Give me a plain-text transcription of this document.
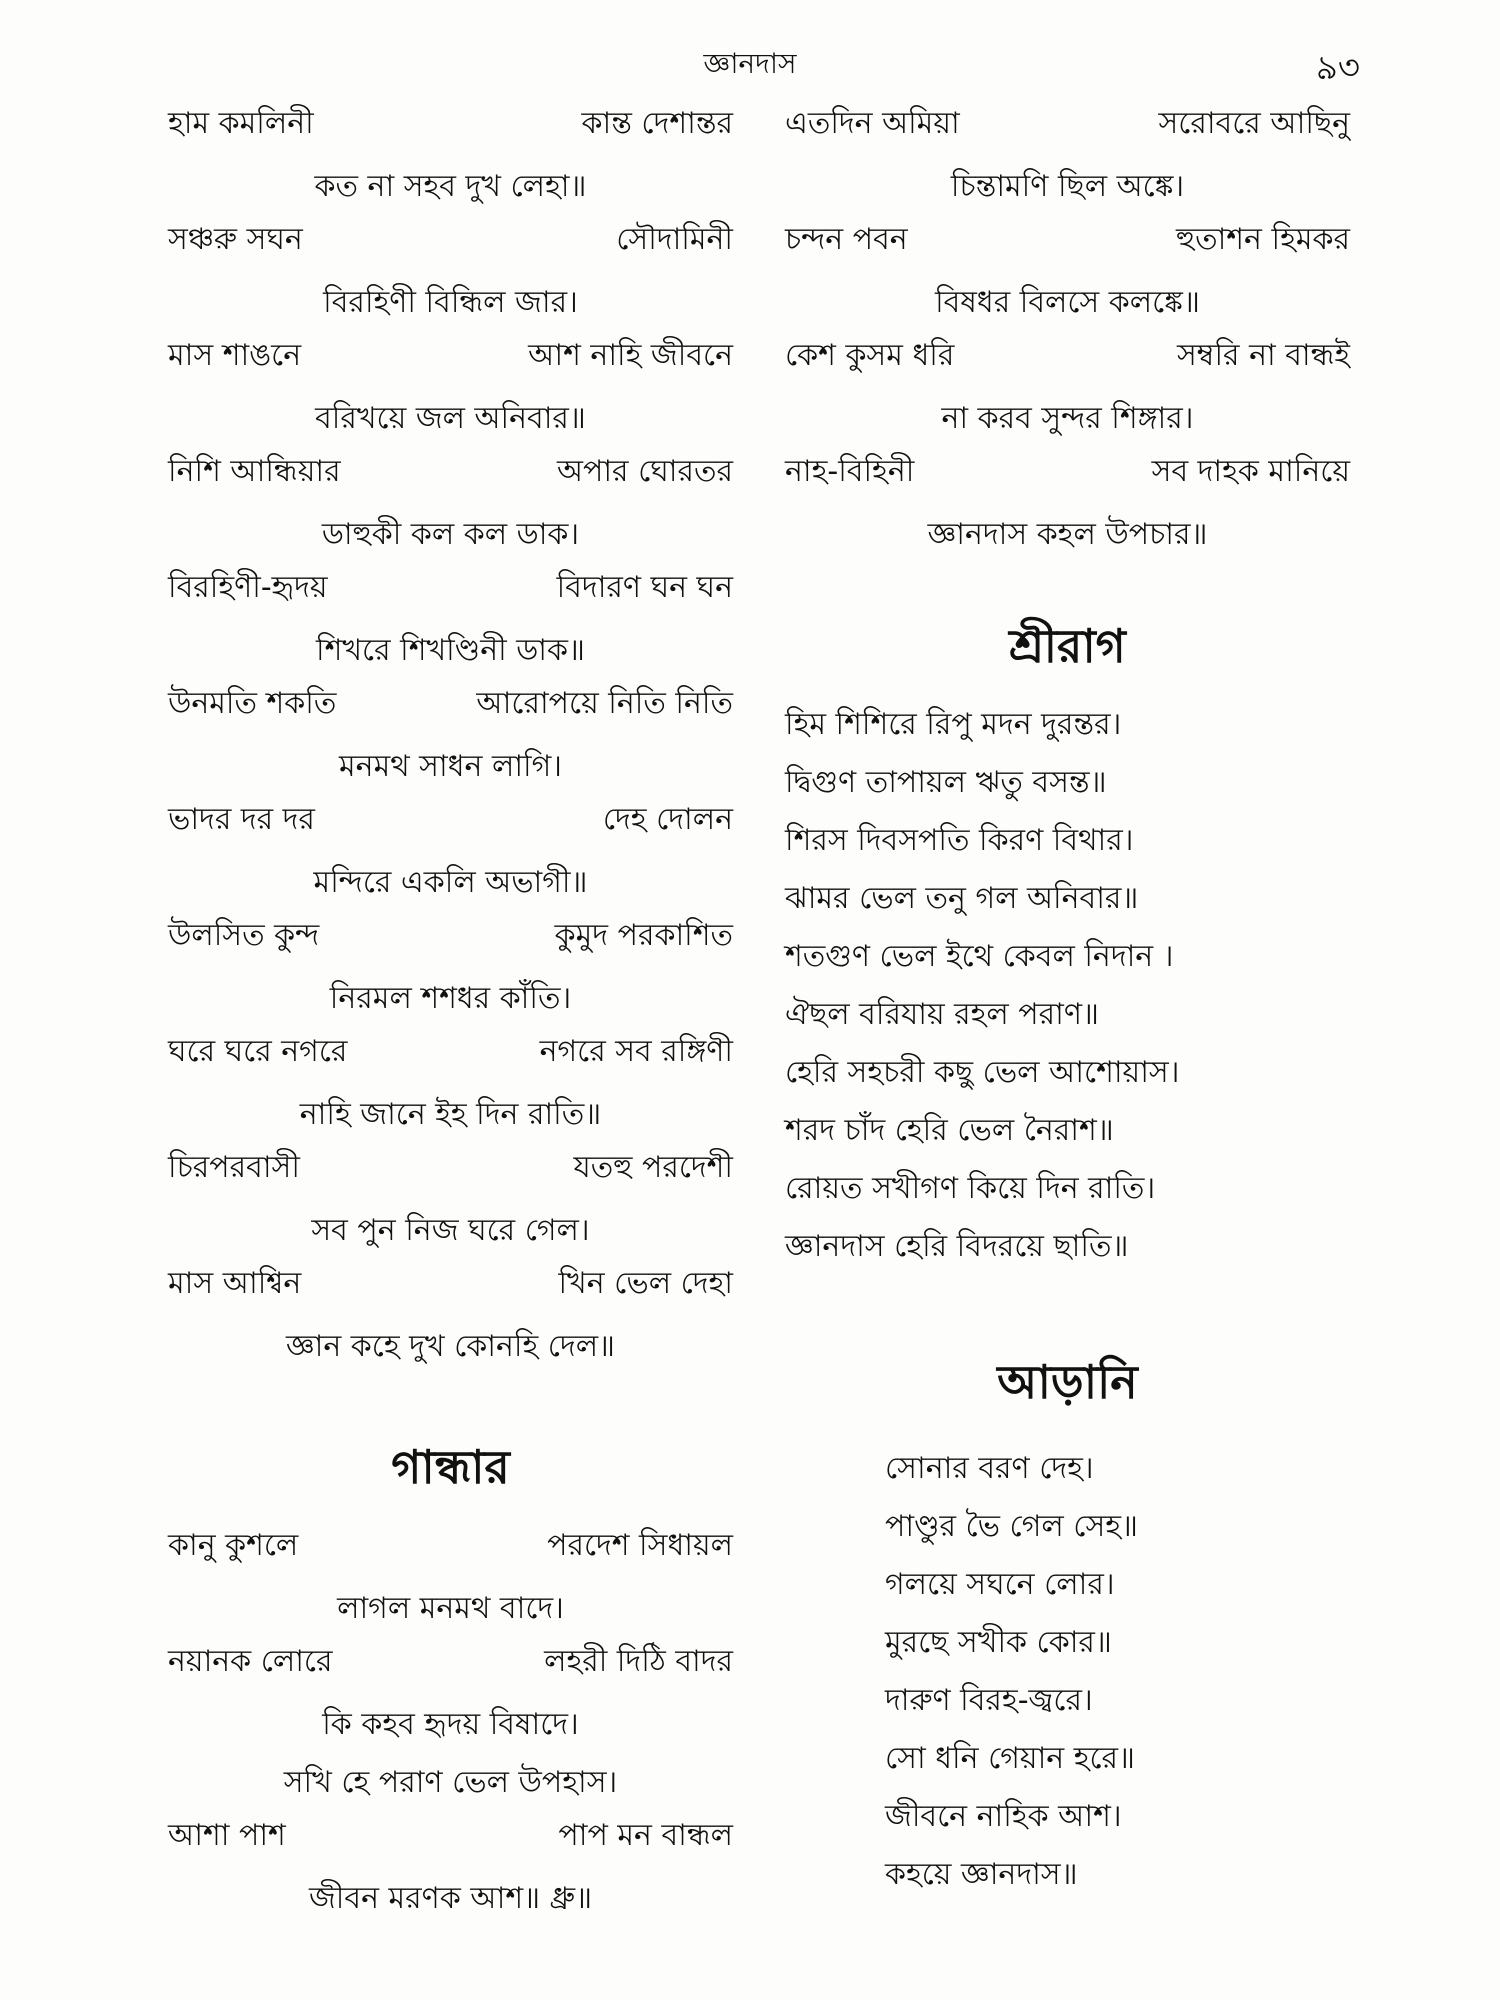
জ্ঞানদাস	৯৩
হাম কমলিনী	কান্ত দেশান্তর
কত না সহব দুখ লেহা॥
সঞ্চরু সঘন	সৌদামিনী
বিরহিণী বিন্ধিল জার।
মাস শাঙনে	আশ নাহি জীবনে
বরিখয়ে জল অনিবার॥
নিশি আন্ধিয়ার	অপার ঘোরতর
ডাহুকী কল কল ডাক।
বিরহিণী-হৃদয়	বিদারণ ঘন ঘন
শিখরে শিখণ্ডিনী ডাক॥
উনমতি শকতি	আরোপয়ে নিতি নিতি
মনমথ সাধন লাগি।
ভাদর দর দর	দেহ দোলন
মন্দিরে একলি অভাগী॥
উলসিত কুন্দ	কুমুদ পরকাশিত
নিরমল শশধর কাঁতি।
ঘরে ঘরে নগরে	নগরে সব রঙ্গিণী
নাহি জানে ইহ দিন রাতি॥
চিরপরবাসী	যতহু পরদেশী
সব পুন নিজ ঘরে গেল।
মাস আশ্বিন	খিন ভেল দেহা
জ্ঞান কহে দুখ কোনহি দেল॥
গান্ধার
কানু কুশলে	পরদেশ সিধায়ল
লাগল মনমথ বাদে।
নয়ানক লোরে	লহরী দিঠি বাদর
কি কহব হৃদয় বিষাদে।
সখি হে পরাণ ভেল উপহাস।
আশা পাশ	পাপ মন বান্ধল
জীবন মরণক আশ॥ ধ্রু॥
এতদিন অমিয়া	সরোবরে আছিনু
চিন্তামণি ছিল অঙ্কে।
চন্দন পবন	হুতাশন হিমকর
বিষধর বিলসে কলঙ্কে॥
কেশ কুসম ধরি	সম্বরি না বান্ধই
না করব সুন্দর শিঙ্গার।
নাহ-বিহিনী	সব দাহক মানিয়ে
জ্ঞানদাস কহল উপচার॥
শ্রীরাগ
হিম শিশিরে রিপু মদন দুরন্তর।
দ্বিগুণ তাপায়ল ঋতু বসন্ত॥
শিরস দিবসপতি কিরণ বিথার।
ঝামর ভেল তনু গল অনিবার॥
শতগুণ ভেল ইথে কেবল নিদান ।
ঐছল বরিযায় রহল পরাণ॥
হেরি সহচরী কছু ভেল আশোয়াস।
শরদ চাঁদ হেরি ভেল নৈরাশ॥
রোয়ত সখীগণ কিয়ে দিন রাতি।
জ্ঞানদাস হেরি বিদরয়ে ছাতি॥
আড়ানি
সোনার বরণ দেহ।
পাণ্ডুর ভৈ গেল সেহ॥
গলয়ে সঘনে লোর।
মুরছে সখীক কোর॥
দারুণ বিরহ-জ্বরে।
সো ধনি গেয়ান হরে॥
জীবনে নাহিক আশ।
কহয়ে জ্ঞানদাস॥
